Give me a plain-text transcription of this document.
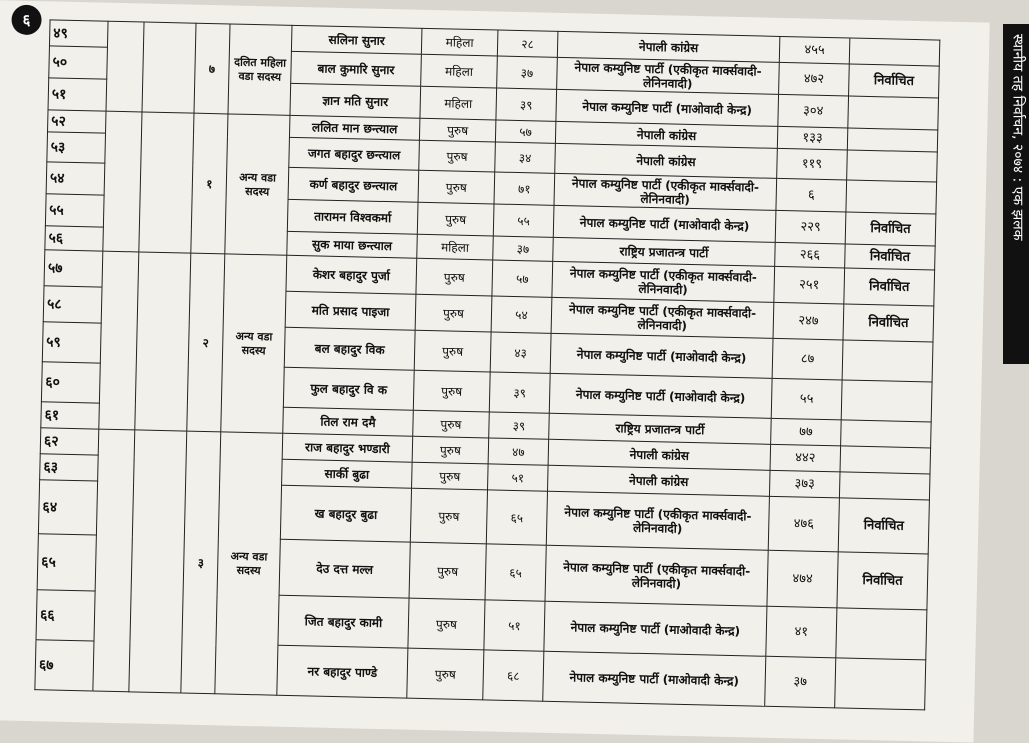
६
४९			७	दलित महिला वडा सदस्य	सलिना सुनार	महिला	२८	नेपाली कांग्रेस	४५५	
५०					बाल कुमारि सुनार	महिला	३७	नेपाल कम्युनिष्ट पार्टी (एकीकृत मार्क्सवादी-लेनिनवादी)	४७२	निर्वाचित
५१					ज्ञान मति सुनार	महिला	३९	नेपाल कम्युनिष्ट पार्टी (माओवादी केन्द्र)	३०४	
५२			१	अन्य वडा सदस्य	ललित मान छन्त्याल	पुरुष	५७	नेपाली कांग्रेस	१३३	
५३					जगत बहादुर छन्त्याल	पुरुष	३४	नेपाली कांग्रेस	११९	
५४					कर्ण बहादुर छन्त्याल	पुरुष	७१	नेपाल कम्युनिष्ट पार्टी (एकीकृत मार्क्सवादी-लेनिनवादी)	६	
५५					तारामन विश्वकर्मा	पुरुष	५५	नेपाल कम्युनिष्ट पार्टी (माओवादी केन्द्र)	२२९	निर्वाचित
५६					सुक माया छन्त्याल	महिला	३७	राष्ट्रिय प्रजातन्त्र पार्टी	२६६	निर्वाचित
५७			२	अन्य वडा सदस्य	केशर बहादुर पुर्जा	पुरुष	५७	नेपाल कम्युनिष्ट पार्टी (एकीकृत मार्क्सवादी-लेनिनवादी)	२५१	निर्वाचित
५८					मति प्रसाद पाइजा	पुरुष	५४	नेपाल कम्युनिष्ट पार्टी (एकीकृत मार्क्सवादी-लेनिनवादी)	२४७	निर्वाचित
५९					बल बहादुर विक	पुरुष	४३	नेपाल कम्युनिष्ट पार्टी (माओवादी केन्द्र)	८७	
६०					फुल बहादुर वि क	पुरुष	३९	नेपाल कम्युनिष्ट पार्टी (माओवादी केन्द्र)	५५	
६१					तिल राम दमै	पुरुष	३९	राष्ट्रिय प्रजातन्त्र पार्टी	७७	
६२			३	अन्य वडा सदस्य	राज बहादुर भण्डारी	पुरुष	४७	नेपाली कांग्रेस	४४२	
६३					सार्की बुढा	पुरुष	५१	नेपाली कांग्रेस	३७३	
६४					ख बहादुर बुढा	पुरुष	६५	नेपाल कम्युनिष्ट पार्टी (एकीकृत मार्क्सवादी-लेनिनवादी)	४७६	निर्वाचित
६५					देउ दत्त मल्ल	पुरुष	६५	नेपाल कम्युनिष्ट पार्टी (एकीकृत मार्क्सवादी-लेनिनवादी)	४७४	निर्वाचित
६६					जित बहादुर कामी	पुरुष	५१	नेपाल कम्युनिष्ट पार्टी (माओवादी केन्द्र)	४१	
६७					नर बहादुर पाण्डे	पुरुष	६८	नेपाल कम्युनिष्ट पार्टी (माओवादी केन्द्र)	३७	
स्थानीय तह निर्वाचन, २०७४ : एक झलक
